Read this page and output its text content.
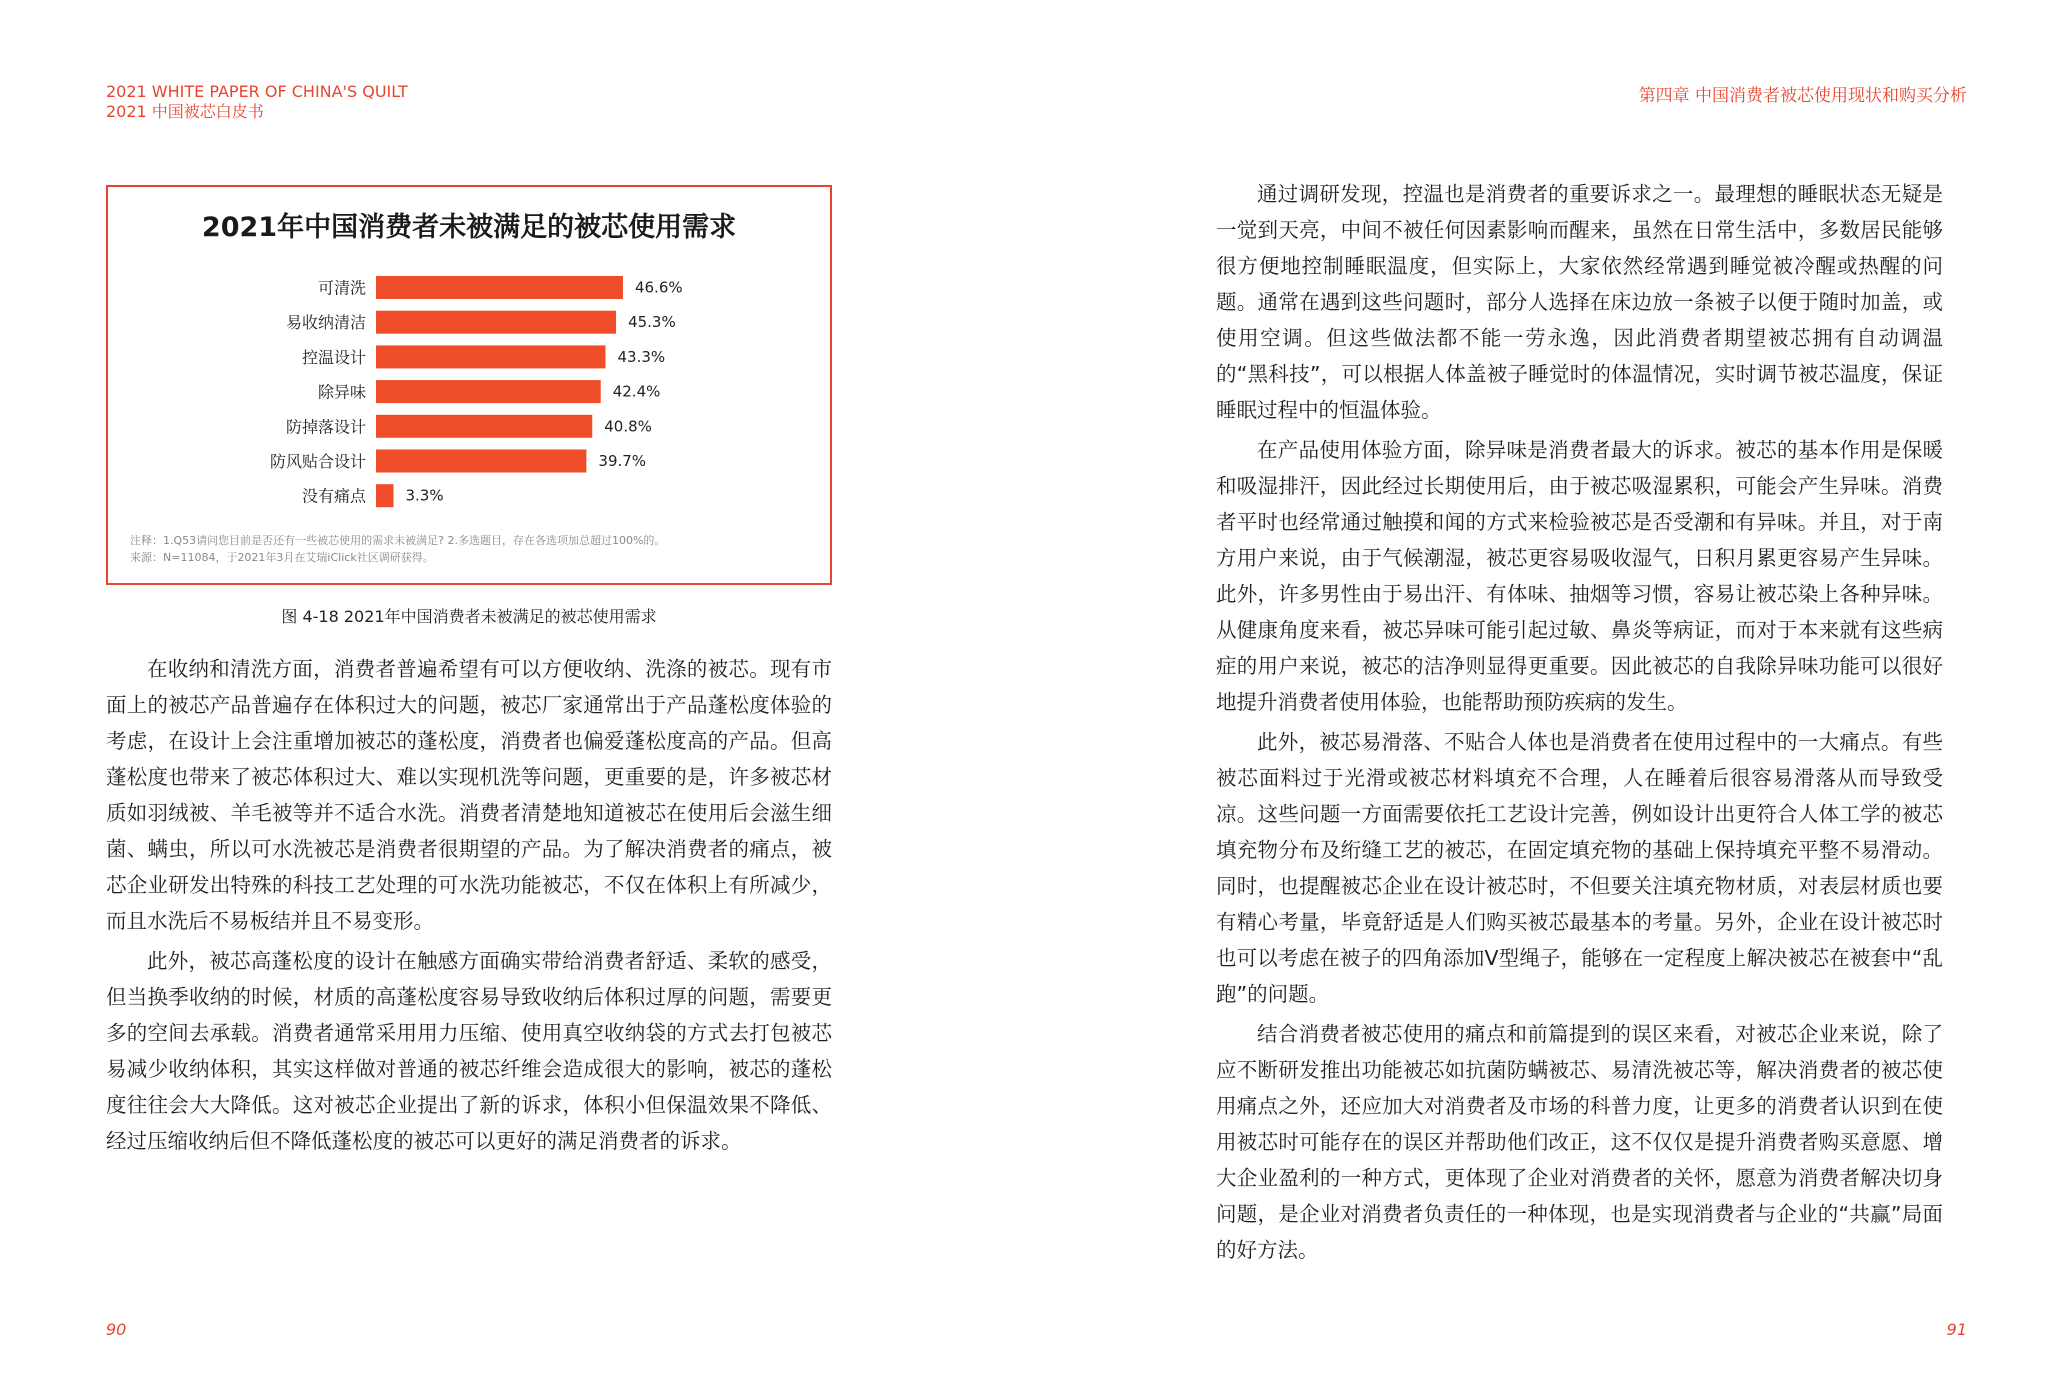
2021 WHITE PAPER OF CHINA'S QUILT
2021 中国被芯白皮书
2021年中国消费者未被满足的被芯使用需求
可清洗	46.6%
易收纳清洁	45.3%
控温设计	43.3%
除异味	42.4%
防掉落设计	40.8%
防风贴合设计	39.7%
没有痛点	3.3%
注释：1.Q53请问您目前是否还有一些被芯使用的需求未被满足? 2.多选题目，存在各选项加总超过100%的。
来源：N=11084，于2021年3月在艾瑞iClick社区调研获得。
图 4-18 2021年中国消费者未被满足的被芯使用需求

在收纳和清洗方面，消费者普遍希望有可以方便收纳、洗涤的被芯。现有市面上的被芯产品普遍存在体积过大的问题，被芯厂家通常出于产品蓬松度体验的考虑，在设计上会注重增加被芯的蓬松度，消费者也偏爱蓬松度高的产品。但高蓬松度也带来了被芯体积过大、难以实现机洗等问题，更重要的是，许多被芯材质如羽绒被、羊毛被等并不适合水洗。消费者清楚地知道被芯在使用后会滋生细菌、螨虫，所以可水洗被芯是消费者很期望的产品。为了解决消费者的痛点，被芯企业研发出特殊的科技工艺处理的可水洗功能被芯，不仅在体积上有所减少，而且水洗后不易板结并且不易变形。

此外，被芯高蓬松度的设计在触感方面确实带给消费者舒适、柔软的感受，但当换季收纳的时候，材质的高蓬松度容易导致收纳后体积过厚的问题，需要更多的空间去承载。消费者通常采用用力压缩、使用真空收纳袋的方式去打包被芯易减少收纳体积，其实这样做对普通的被芯纤维会造成很大的影响，被芯的蓬松度往往会大大降低。这对被芯企业提出了新的诉求，体积小但保温效果不降低、经过压缩收纳后但不降低蓬松度的被芯可以更好的满足消费者的诉求。

90
第四章 中国消费者被芯使用现状和购买分析
91

通过调研发现，控温也是消费者的重要诉求之一。最理想的睡眠状态无疑是一觉到天亮，中间不被任何因素影响而醒来，虽然在日常生活中，多数居民能够很方便地控制睡眠温度，但实际上，大家依然经常遇到睡觉被冷醒或热醒的问题。通常在遇到这些问题时，部分人选择在床边放一条被子以便于随时加盖，或使用空调。但这些做法都不能一劳永逸，因此消费者期望被芯拥有自动调温的“黑科技”，可以根据人体盖被子睡觉时的体温情况，实时调节被芯温度，保证睡眠过程中的恒温体验。

在产品使用体验方面，除异味是消费者最大的诉求。被芯的基本作用是保暖和吸湿排汗，因此经过长期使用后，由于被芯吸湿累积，可能会产生异味。消费者平时也经常通过触摸和闻的方式来检验被芯是否受潮和有异味。并且，对于南方用户来说，由于气候潮湿，被芯更容易吸收湿气，日积月累更容易产生异味。此外，许多男性由于易出汗、有体味、抽烟等习惯，容易让被芯染上各种异味。从健康角度来看，被芯异味可能引起过敏、鼻炎等病证，而对于本来就有这些病症的用户来说，被芯的洁净则显得更重要。因此被芯的自我除异味功能可以很好地提升消费者使用体验，也能帮助预防疾病的发生。

此外，被芯易滑落、不贴合人体也是消费者在使用过程中的一大痛点。有些被芯面料过于光滑或被芯材料填充不合理，人在睡着后很容易滑落从而导致受凉。这些问题一方面需要依托工艺设计完善，例如设计出更符合人体工学的被芯填充物分布及绗缝工艺的被芯，在固定填充物的基础上保持填充平整不易滑动。同时，也提醒被芯企业在设计被芯时，不但要关注填充物材质，对表层材质也要有精心考量，毕竟舒适是人们购买被芯最基本的考量。另外，企业在设计被芯时也可以考虑在被子的四角添加V型绳子，能够在一定程度上解决被芯在被套中“乱跑”的问题。

结合消费者被芯使用的痛点和前篇提到的误区来看，对被芯企业来说，除了应不断研发推出功能被芯如抗菌防螨被芯、易清洗被芯等，解决消费者的被芯使用痛点之外，还应加大对消费者及市场的科普力度，让更多的消费者认识到在使用被芯时可能存在的误区并帮助他们改正，这不仅仅是提升消费者购买意愿、增大企业盈利的一种方式，更体现了企业对消费者的关怀，愿意为消费者解决切身问题，是企业对消费者负责任的一种体现，也是实现消费者与企业的“共赢”局面的好方法。
